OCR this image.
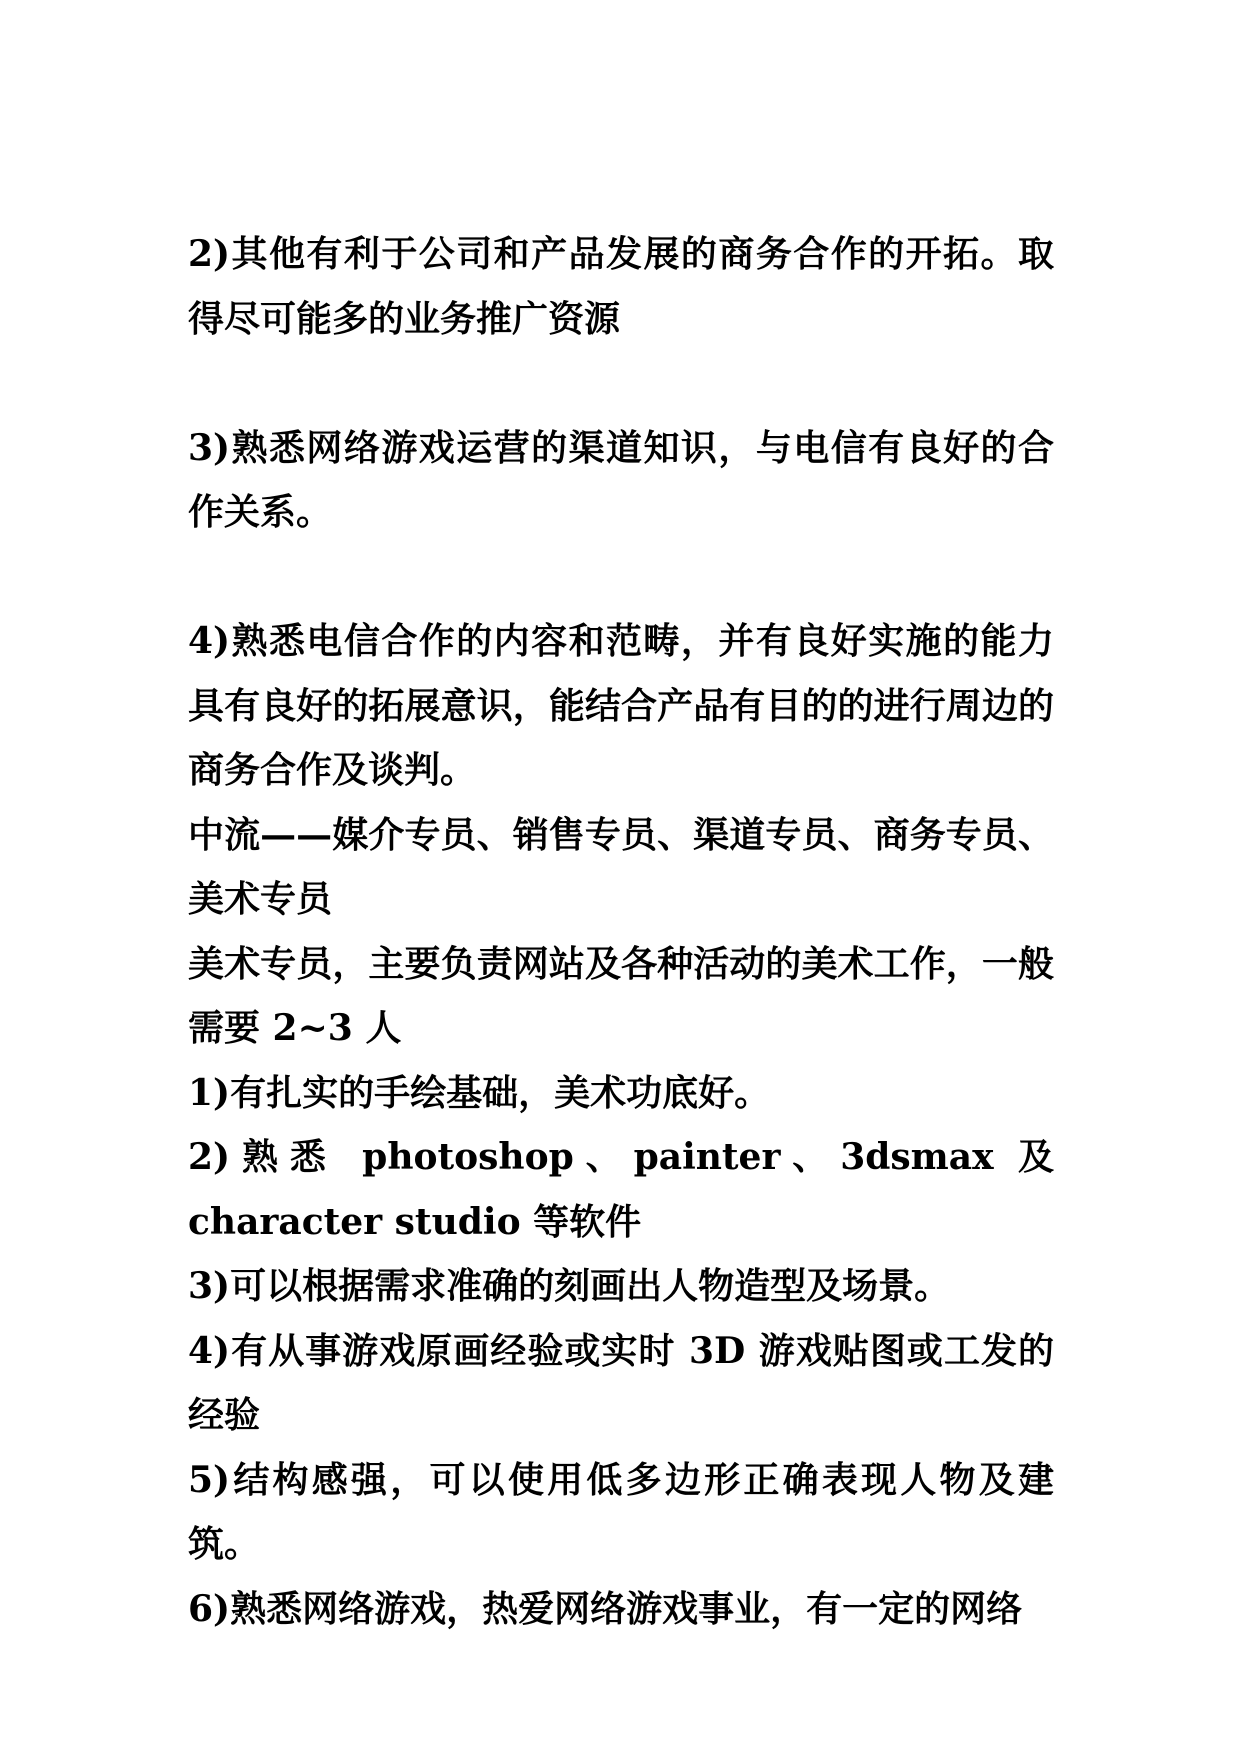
2)其他有利于公司和产品发展的商务合作的开拓。取得尽可能多的业务推广资源

3)熟悉网络游戏运营的渠道知识，与电信有良好的合作关系。

4)熟悉电信合作的内容和范畴，并有良好实施的能力具有良好的拓展意识，能结合产品有目的的进行周边的商务合作及谈判。

中流——媒介专员、销售专员、渠道专员、商务专员、美术专员

美术专员，主要负责网站及各种活动的美术工作，一般需要 2~3 人

1)有扎实的手绘基础，美术功底好。

2)熟悉 photoshop、painter、3dsmax 及 character studio 等软件

3)可以根据需求准确的刻画出人物造型及场景。

4)有从事游戏原画经验或实时 3D 游戏贴图或工发的经验

5)结构感强，可以使用低多边形正确表现人物及建筑。

6)熟悉网络游戏，热爱网络游戏事业，有一定的网络
